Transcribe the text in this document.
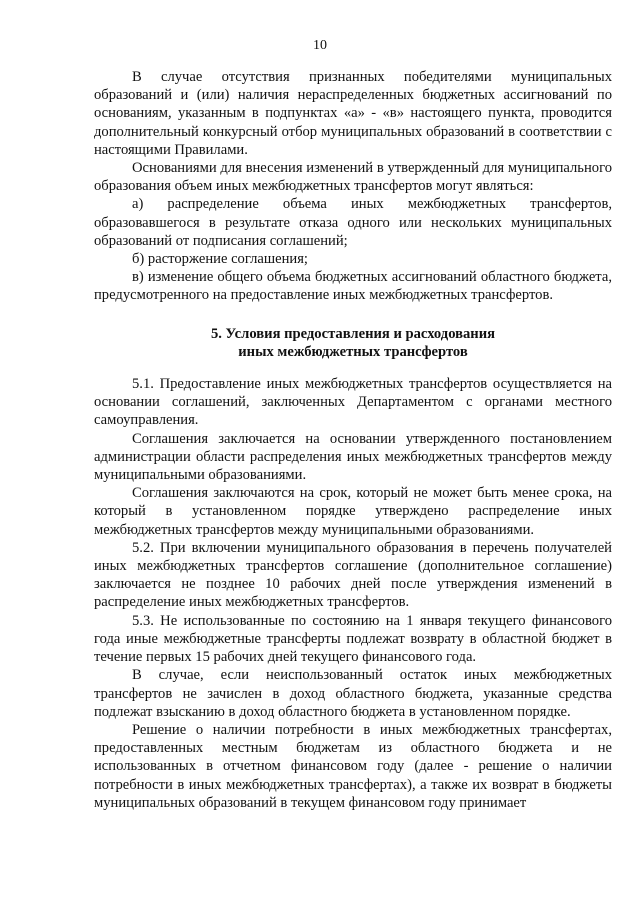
10

В случае отсутствия признанных победителями муниципальных образований и (или) наличия нераспределенных бюджетных ассигнований по основаниям, указанным в подпунктах «а» - «в» настоящего пункта, проводится дополнительный конкурсный отбор муниципальных образований в соответствии с настоящими Правилами.

Основаниями для внесения изменений в утвержденный для муниципального образования объем иных межбюджетных трансфертов могут являться:

а) распределение объема иных межбюджетных трансфертов, образовавшегося в результате отказа одного или нескольких муниципальных образований от подписания соглашений;

б) расторжение соглашения;

в) изменение общего объема бюджетных ассигнований областного бюджета, предусмотренного на предоставление иных межбюджетных трансфертов.

5. Условия предоставления и расходования
иных межбюджетных трансфертов

5.1. Предоставление иных межбюджетных трансфертов осуществляется на основании соглашений, заключенных Департаментом с органами местного самоуправления.

Соглашения заключается на основании утвержденного постановлением администрации области распределения иных межбюджетных трансфертов между муниципальными образованиями.

Соглашения заключаются на срок, который не может быть менее срока, на который в установленном порядке утверждено распределение иных межбюджетных трансфертов между муниципальными образованиями.

5.2. При включении муниципального образования в перечень получателей иных межбюджетных трансфертов соглашение (дополнительное соглашение) заключается не позднее 10 рабочих дней после утверждения изменений в распределение иных межбюджетных трансфертов.

5.3. Не использованные по состоянию на 1 января текущего финансового года иные межбюджетные трансферты подлежат возврату в областной бюджет в течение первых 15 рабочих дней текущего финансового года.

В случае, если неиспользованный остаток иных межбюджетных трансфертов не зачислен в доход областного бюджета, указанные средства подлежат взысканию в доход областного бюджета в установленном порядке.

Решение о наличии потребности в иных межбюджетных трансфертах, предоставленных местным бюджетам из областного бюджета и не использованных в отчетном финансовом году (далее - решение о наличии потребности в иных межбюджетных трансфертах), а также их возврат в бюджеты муниципальных образований в текущем финансовом году принимает
